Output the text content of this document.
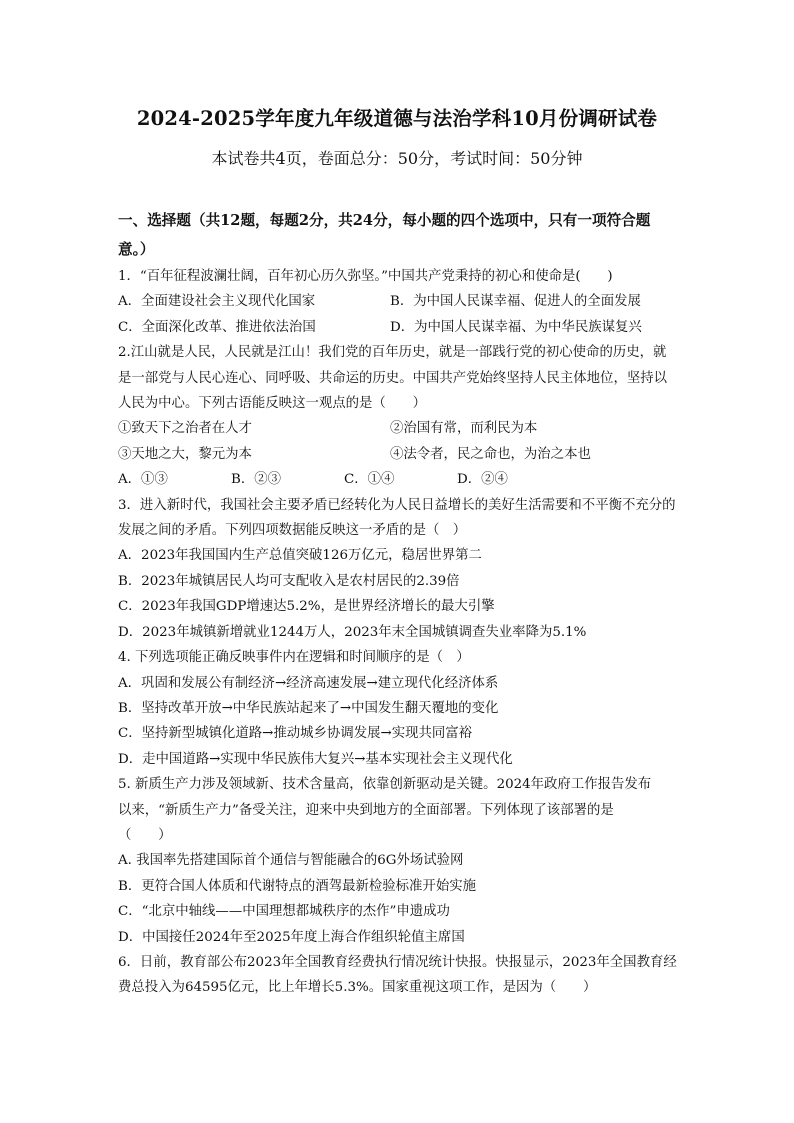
2024-2025学年度九年级道德与法治学科10月份调研试卷
本试卷共4页，卷面总分：50分，考试时间：50分钟
一、选择题（共12题，每题2分，共24分，每小题的四个选项中，只有一项符合题意。）
1．“百年征程波澜壮阔，百年初心历久弥坚。”中国共产党秉持的初心和使命是(　　)
A．全面建设社会主义现代化国家	B．为中国人民谋幸福、促进人的全面发展
C．全面深化改革、推进依法治国	D．为中国人民谋幸福、为中华民族谋复兴
2.江山就是人民，人民就是江山！我们党的百年历史，就是一部践行党的初心使命的历史，就是一部党与人民心连心、同呼吸、共命运的历史。中国共产党始终坚持人民主体地位，坚持以人民为中心。下列古语能反映这一观点的是（　　）
①致天下之治者在人才	②治国有常，而利民为本
③天地之大，黎元为本	④法令者，民之命也，为治之本也
A．①③	B．②③	C．①④	D．②④
3．进入新时代，我国社会主要矛盾已经转化为人民日益增长的美好生活需要和不平衡不充分的发展之间的矛盾。下列四项数据能反映这一矛盾的是（　）
A．2023年我国国内生产总值突破126万亿元，稳居世界第二
B．2023年城镇居民人均可支配收入是农村居民的2.39倍
C．2023年我国GDP增速达5.2%，是世界经济增长的最大引擎
D．2023年城镇新增就业1244万人，2023年末全国城镇调查失业率降为5.1%
4. 下列选项能正确反映事件内在逻辑和时间顺序的是（　）
A．巩固和发展公有制经济→经济高速发展→建立现代化经济体系
B．坚持改革开放→中华民族站起来了→中国发生翻天覆地的变化
C．坚持新型城镇化道路→推动城乡协调发展→实现共同富裕
D．走中国道路→实现中华民族伟大复兴→基本实现社会主义现代化
5. 新质生产力涉及领域新、技术含量高，依靠创新驱动是关键。2024年政府工作报告发布
以来，“新质生产力”备受关注，迎来中央到地方的全面部署。下列体现了该部署的是
（　　）
A. 我国率先搭建国际首个通信与智能融合的6G外场试验网
B．更符合国人体质和代谢特点的酒驾最新检验标准开始实施
C．“北京中轴线——中国理想都城秩序的杰作”申遗成功
D．中国接任2024年至2025年度上海合作组织轮值主席国
6．日前，教育部公布2023年全国教育经费执行情况统计快报。快报显示，2023年全国教育经费总投入为64595亿元，比上年增长5.3%。国家重视这项工作，是因为（　　）
